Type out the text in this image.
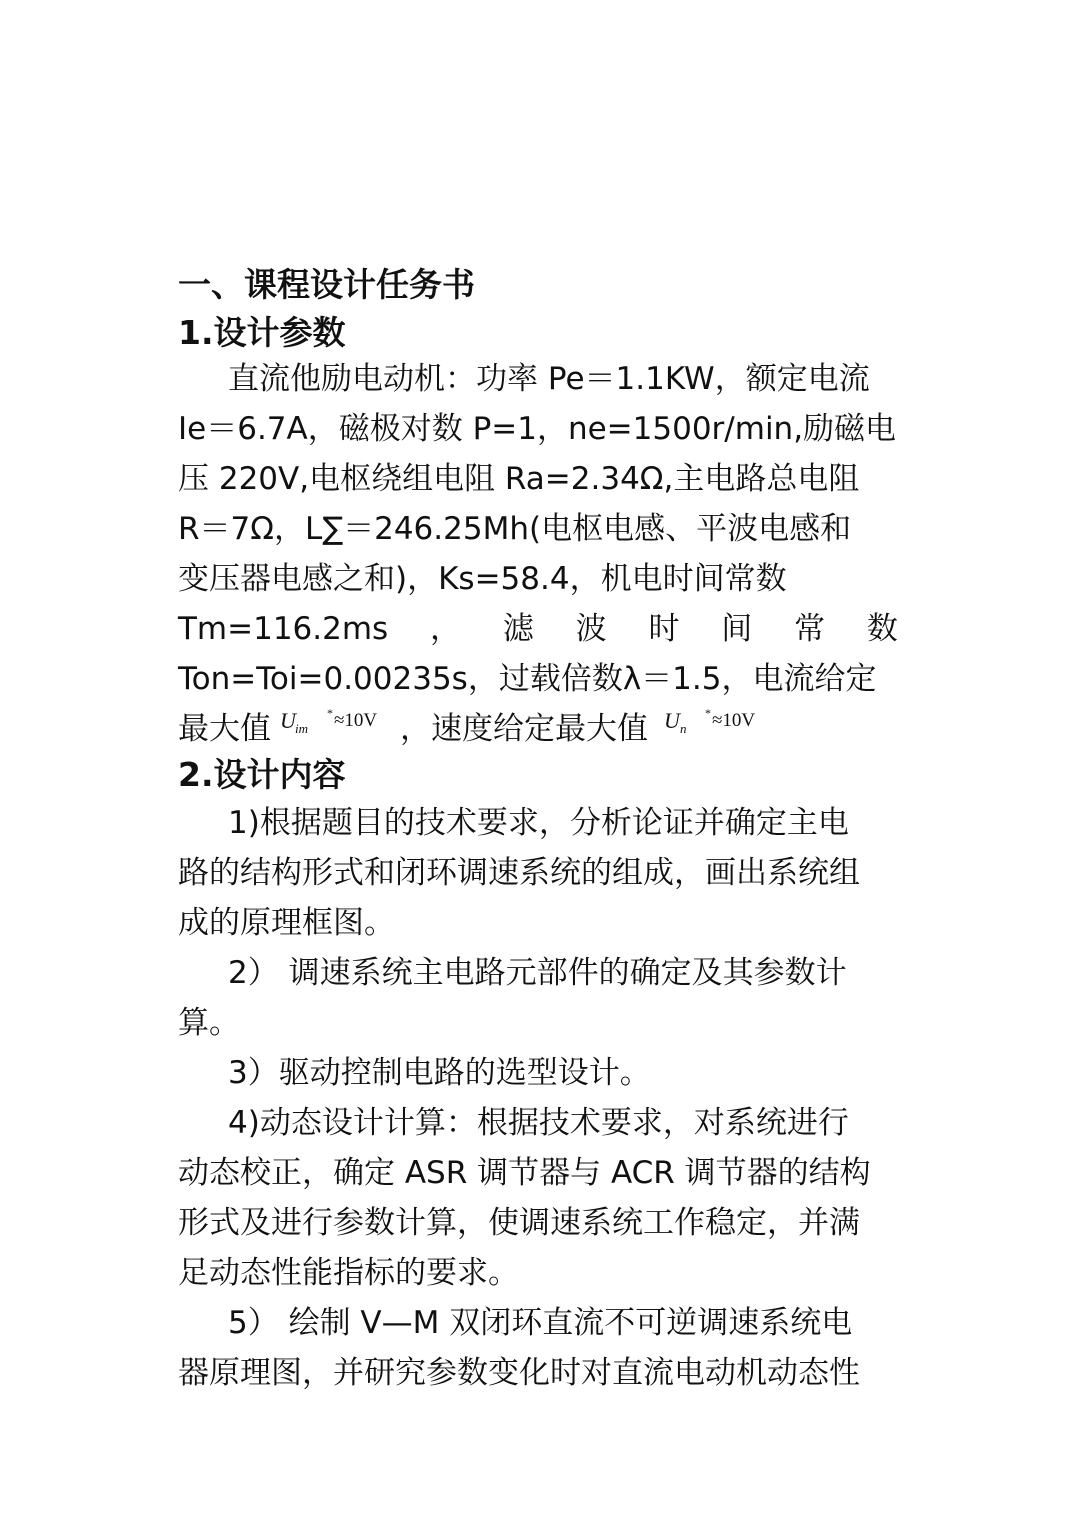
一、课程设计任务书
1.设计参数
直流他励电动机：功率 Pe＝1.1KW，额定电流
Ie＝6.7A，磁极对数 P=1，ne=1500r/min,励磁电
压 220V,电枢绕组电阻 Ra=2.34Ω,主电路总电阻
R＝7Ω，L∑＝246.25Mh(电枢电感、平波电感和
变压器电感之和)，Ks=58.4，机电时间常数
Tm=116.2ms ， 滤 波 时 间 常 数
Ton=Toi=0.00235s，过载倍数λ＝1.5，电流给定
最大值 U im
* ≈10V ，速度给定最大值 U n
* ≈10V
2.设计内容
1)根据题目的技术要求，分析论证并确定主电
路的结构形式和闭环调速系统的组成，画出系统组
成的原理框图。
2） 调速系统主电路元部件的确定及其参数计
算。
3）驱动控制电路的选型设计。
4)动态设计计算：根据技术要求，对系统进行
动态校正，确定 ASR 调节器与 ACR 调节器的结构
形式及进行参数计算，使调速系统工作稳定，并满
足动态性能指标的要求。
5） 绘制 V—M 双闭环直流不可逆调速系统电
器原理图，并研究参数变化时对直流电动机动态性
